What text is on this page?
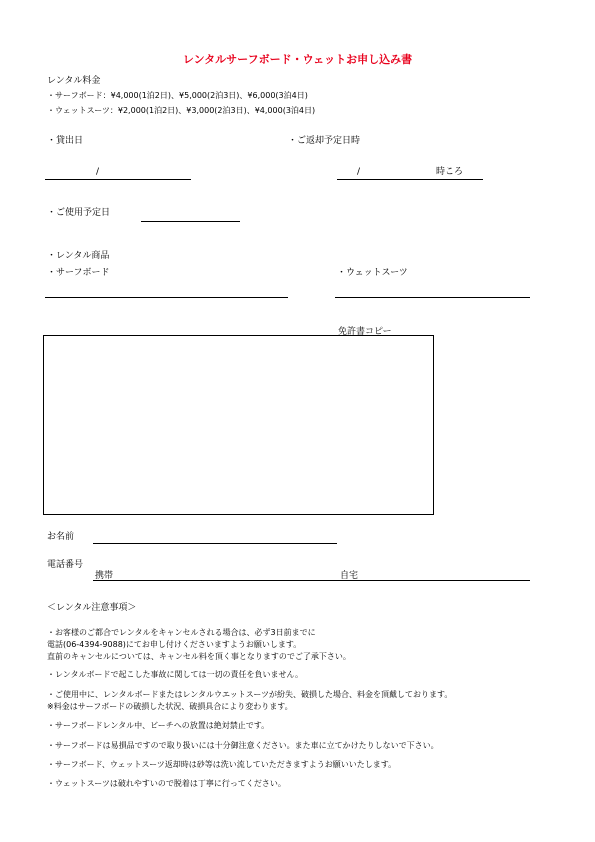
レンタルサーフボード・ウェットお申し込み書
レンタル料金
・サーフボード：¥4,000(1泊2日)、¥5,000(2泊3日)、¥6,000(3泊4日)
・ウェットスーツ：¥2,000(1泊2日)、¥3,000(2泊3日)、¥4,000(3泊4日)
・貸出日	・ご返却予定日時
/	/	時ころ
・ご使用予定日
・レンタル商品
・サーフボード	・ウェットスーツ
免許書コピー
お名前
電話番号
携帯	自宅
＜レンタル注意事項＞
・お客様のご都合でレンタルをキャンセルされる場合は、必ず3日前までに
電話(06-4394-9088)にてお申し付けくださいますようお願いします。
直前のキャンセルについては、キャンセル料を頂く事となりますのでご了承下さい。
・レンタルボードで起こした事故に関しては一切の責任を負いません。
・ご使用中に、レンタルボードまたはレンタルウエットスーツが紛失、破損した場合、料金を頂戴しております。
※料金はサーフボードの破損した状況、破損具合により変わります。
・サーフボードレンタル中、ビーチへの放置は絶対禁止です。
・サーフボードは易損品ですので取り扱いには十分御注意ください。また車に立てかけたりしないで下さい。
・サーフボード、ウェットスーツ返却時は砂等は洗い流していただきますようお願いいたします。
・ウェットスーツは破れやすいので脱着は丁寧に行ってください。
